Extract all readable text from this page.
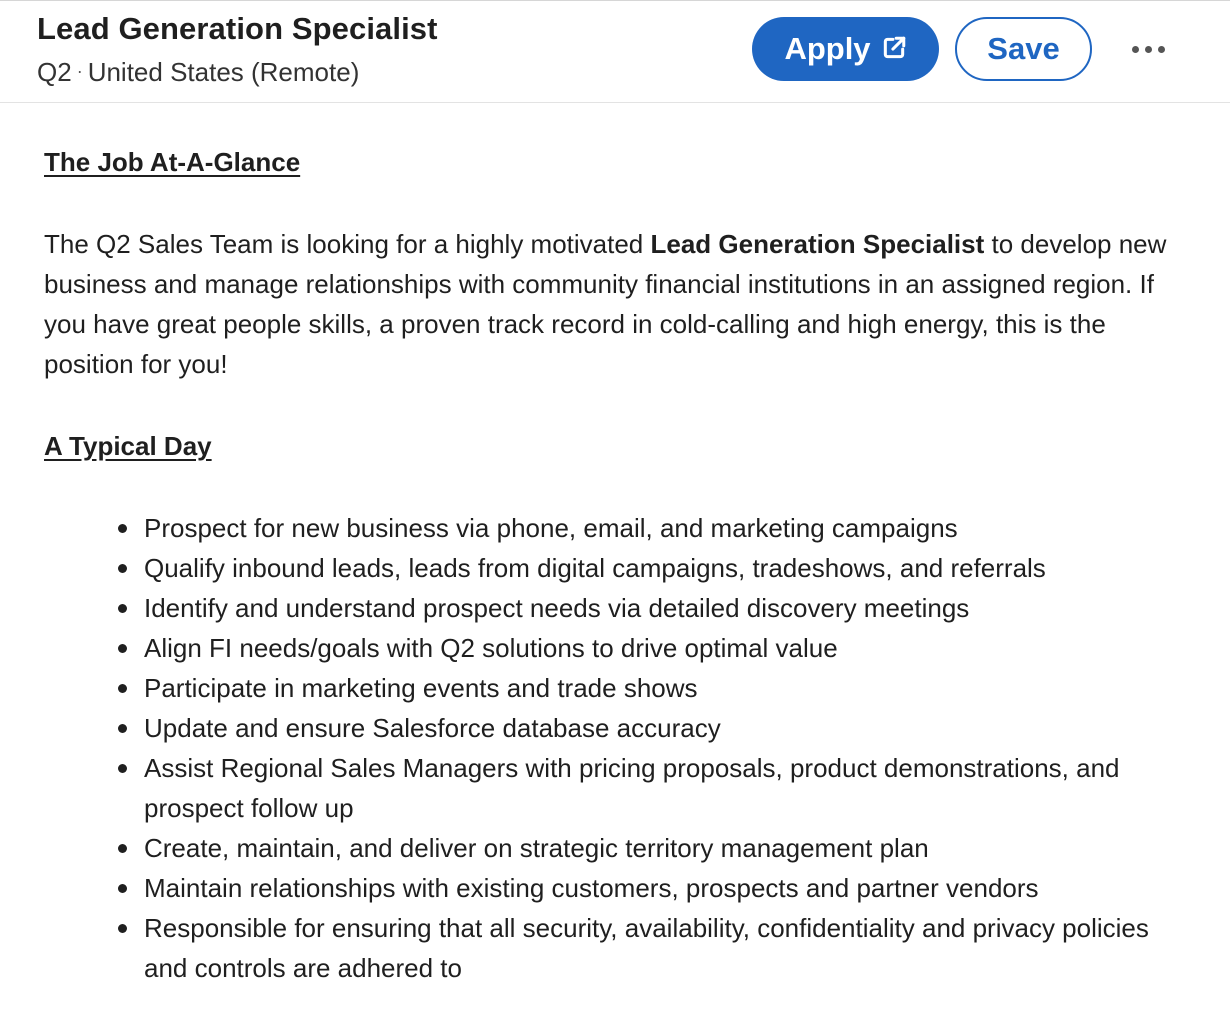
Lead Generation Specialist
Q2 · United States (Remote)
Apply	Save
The Job At-A-Glance

The Q2 Sales Team is looking for a highly motivated Lead Generation Specialist to develop new business and manage relationships with community financial institutions in an assigned region. If you have great people skills, a proven track record in cold-calling and high energy, this is the position for you!

A Typical Day
Prospect for new business via phone, email, and marketing campaigns
Qualify inbound leads, leads from digital campaigns, tradeshows, and referrals
Identify and understand prospect needs via detailed discovery meetings
Align FI needs/goals with Q2 solutions to drive optimal value
Participate in marketing events and trade shows
Update and ensure Salesforce database accuracy
Assist Regional Sales Managers with pricing proposals, product demonstrations, and prospect follow up
Create, maintain, and deliver on strategic territory management plan
Maintain relationships with existing customers, prospects and partner vendors
Responsible for ensuring that all security, availability, confidentiality and privacy policies and controls are adhered to
